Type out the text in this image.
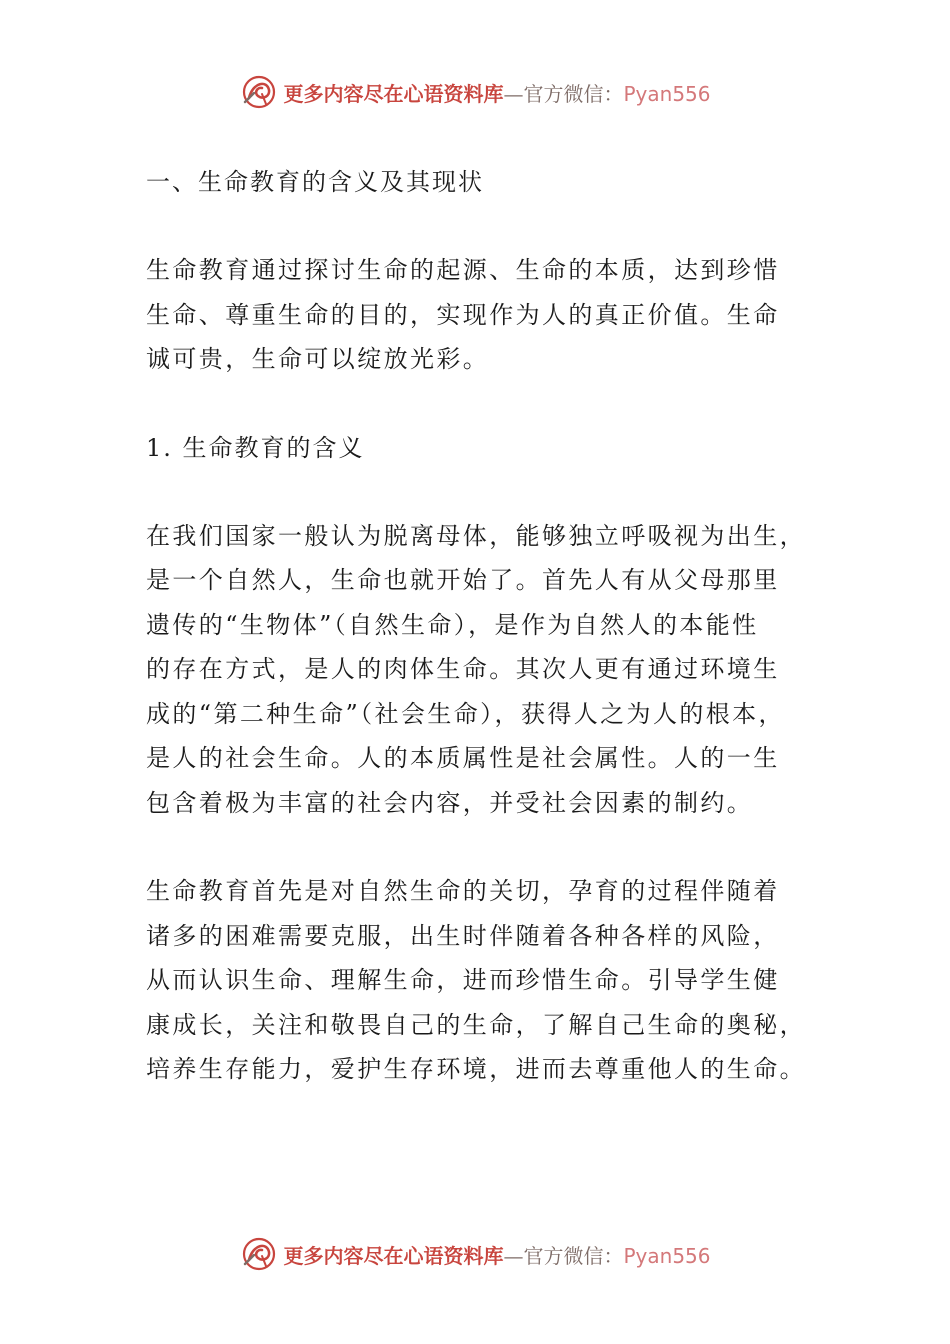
更多内容尽在心语资料库—官方微信：Pyan556

一、生命教育的含义及其现状

生命教育通过探讨生命的起源、生命的本质，达到珍惜
生命、尊重生命的目的，实现作为人的真正价值。生命
诚可贵，生命可以绽放光彩。

1. 生命教育的含义

在我们国家一般认为脱离母体，能够独立呼吸视为出生，
是一个自然人，生命也就开始了。首先人有从父母那里
遗传的“生物体”（自然生命），是作为自然人的本能性
的存在方式，是人的肉体生命。其次人更有通过环境生
成的“第二种生命”（社会生命），获得人之为人的根本，
是人的社会生命。人的本质属性是社会属性。人的一生
包含着极为丰富的社会内容，并受社会因素的制约。

生命教育首先是对自然生命的关切，孕育的过程伴随着
诸多的困难需要克服，出生时伴随着各种各样的风险，
从而认识生命、理解生命，进而珍惜生命。引导学生健
康成长，关注和敬畏自己的生命，了解自己生命的奥秘，
培养生存能力，爱护生存环境，进而去尊重他人的生命。

更多内容尽在心语资料库—官方微信：Pyan556
